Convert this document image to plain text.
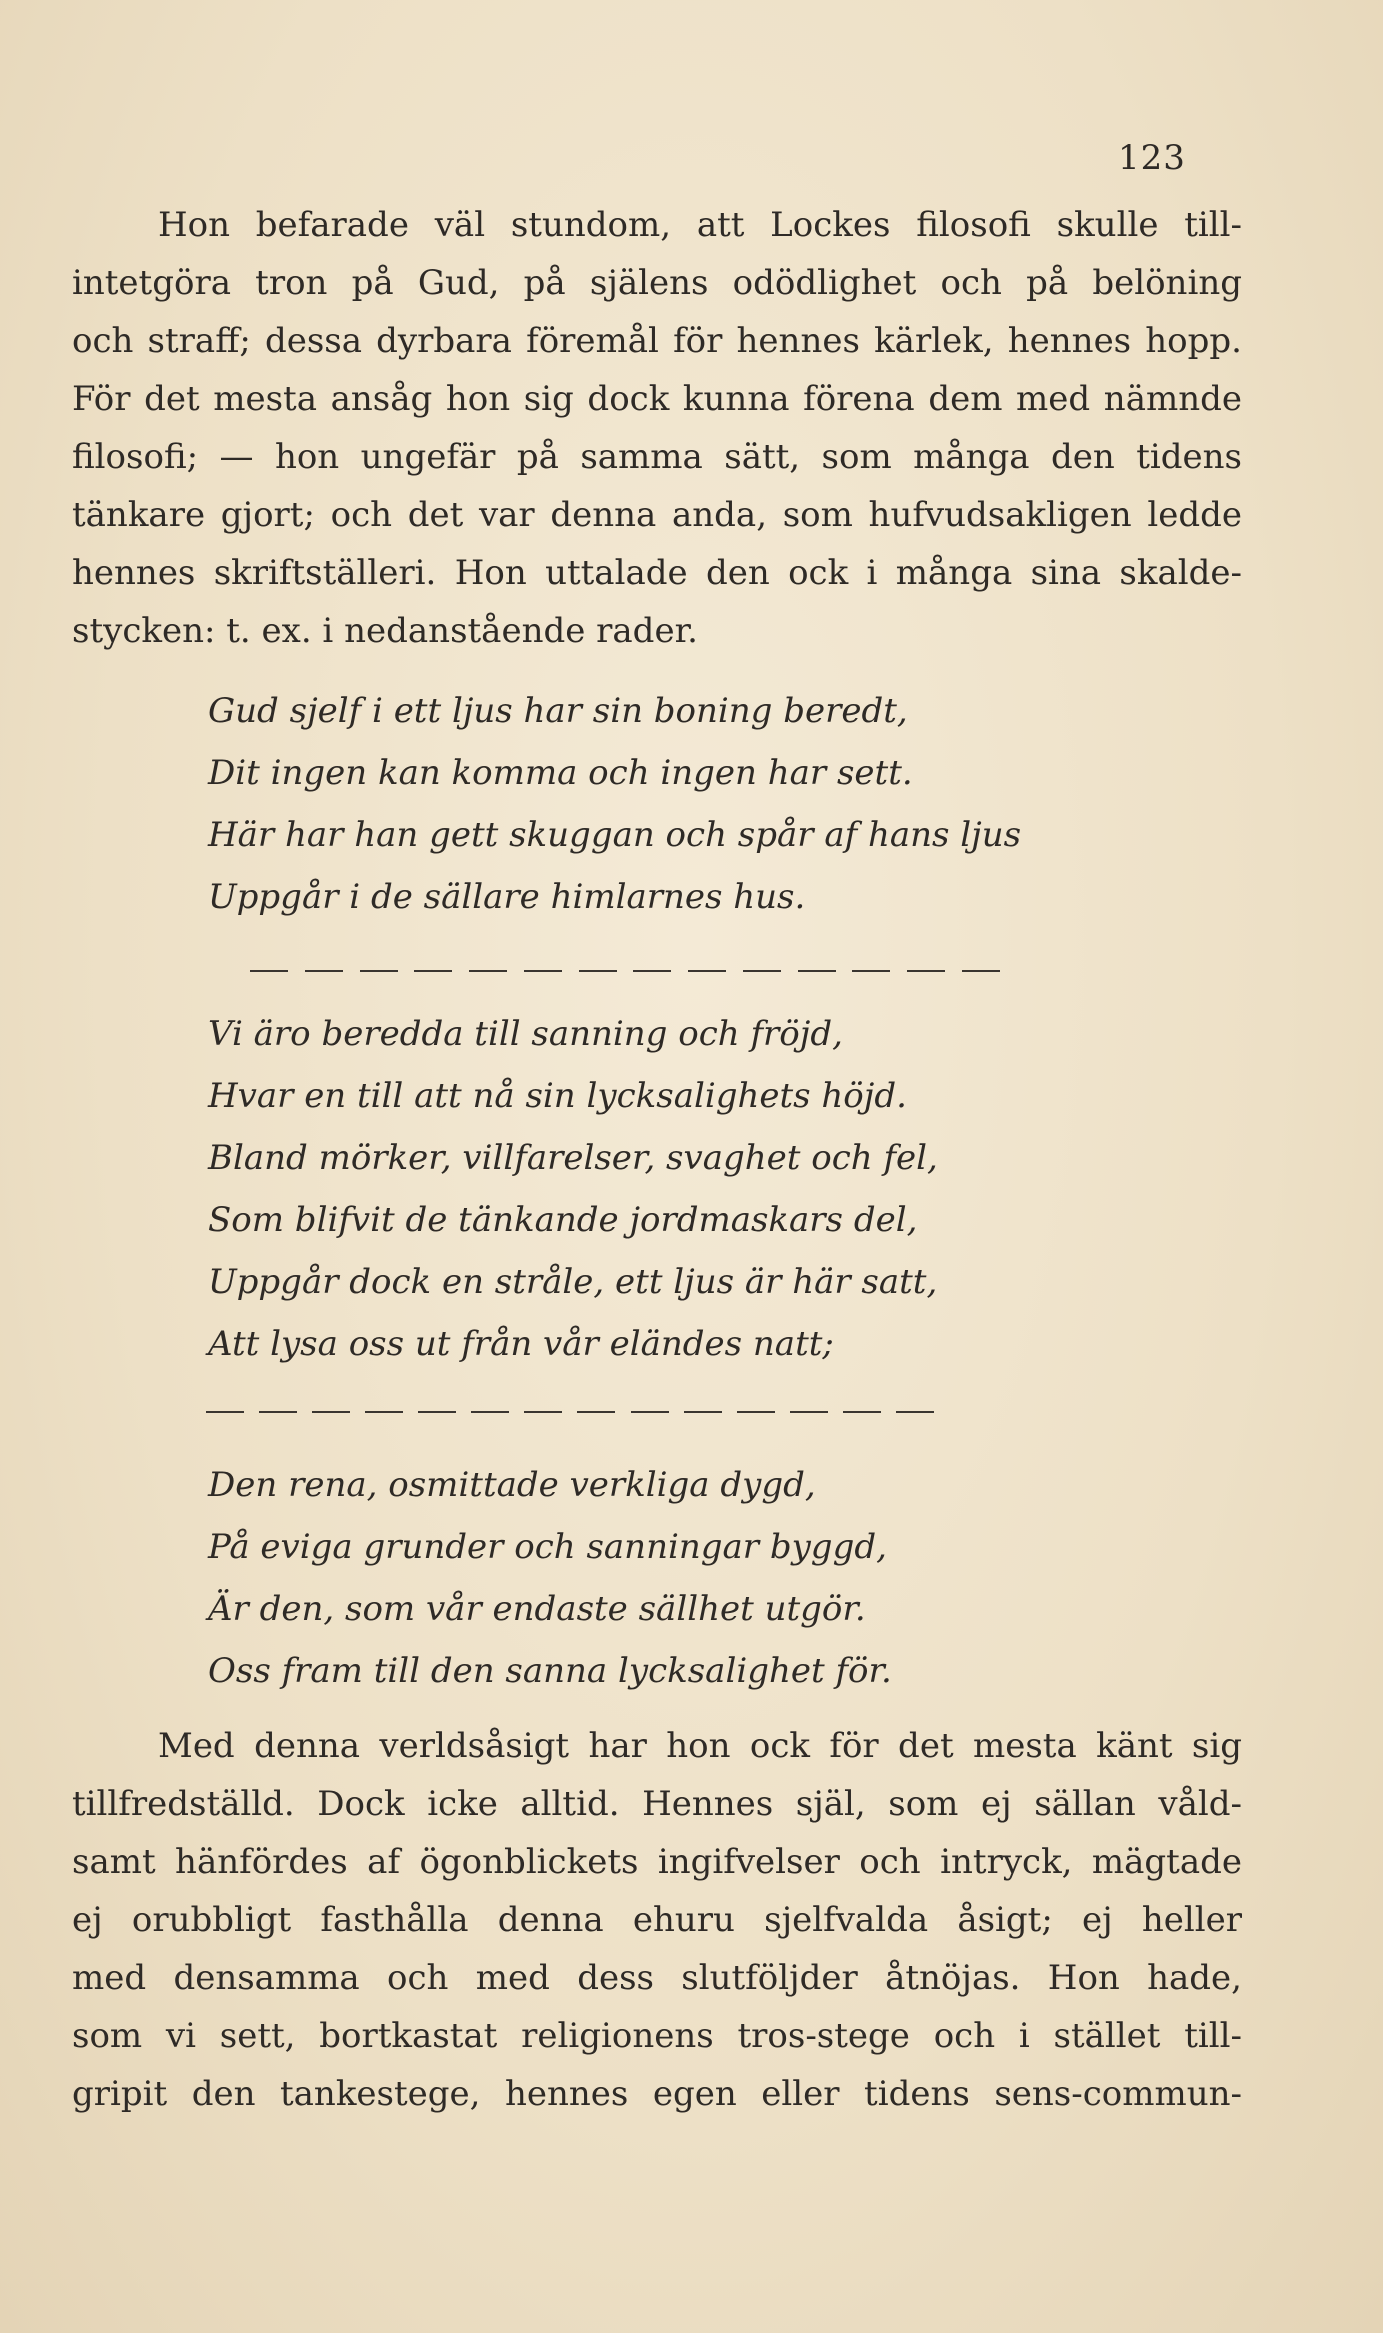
123
Hon befarade väl stundom, att Lockes filosofi skulle till-
intetgöra tron på Gud, på själens odödlighet och på belöning
och straff; dessa dyrbara föremål för hennes kärlek, hennes hopp.
För det mesta ansåg hon sig dock kunna förena dem med nämnde
filosofi; — hon ungefär på samma sätt, som många den tidens
tänkare gjort; och det var denna anda, som hufvudsakligen ledde
hennes skriftställeri. Hon uttalade den ock i många sina skalde-
stycken: t. ex. i nedanstående rader.
Gud sjelf i ett ljus har sin boning beredt,
Dit ingen kan komma och ingen har sett.
Här har han gett skuggan och spår af hans ljus
Uppgår i de sällare himlarnes hus.
Vi äro beredda till sanning och fröjd,
Hvar en till att nå sin lycksalighets höjd.
Bland mörker, villfarelser, svaghet och fel,
Som blifvit de tänkande jordmaskars del,
Uppgår dock en stråle, ett ljus är här satt,
Att lysa oss ut från vår eländes natt;
Den rena, osmittade verkliga dygd,
På eviga grunder och sanningar byggd,
Är den, som vår endaste sällhet utgör.
Oss fram till den sanna lycksalighet för.
Med denna verldsåsigt har hon ock för det mesta känt sig
tillfredställd. Dock icke alltid. Hennes själ, som ej sällan våld-
samt hänfördes af ögonblickets ingifvelser och intryck, mägtade
ej orubbligt fasthålla denna ehuru sjelfvalda åsigt; ej heller
med densamma och med dess slutföljder åtnöjas. Hon hade,
som vi sett, bortkastat religionens tros-stege och i stället till-
gripit den tankestege, hennes egen eller tidens sens-commun-
